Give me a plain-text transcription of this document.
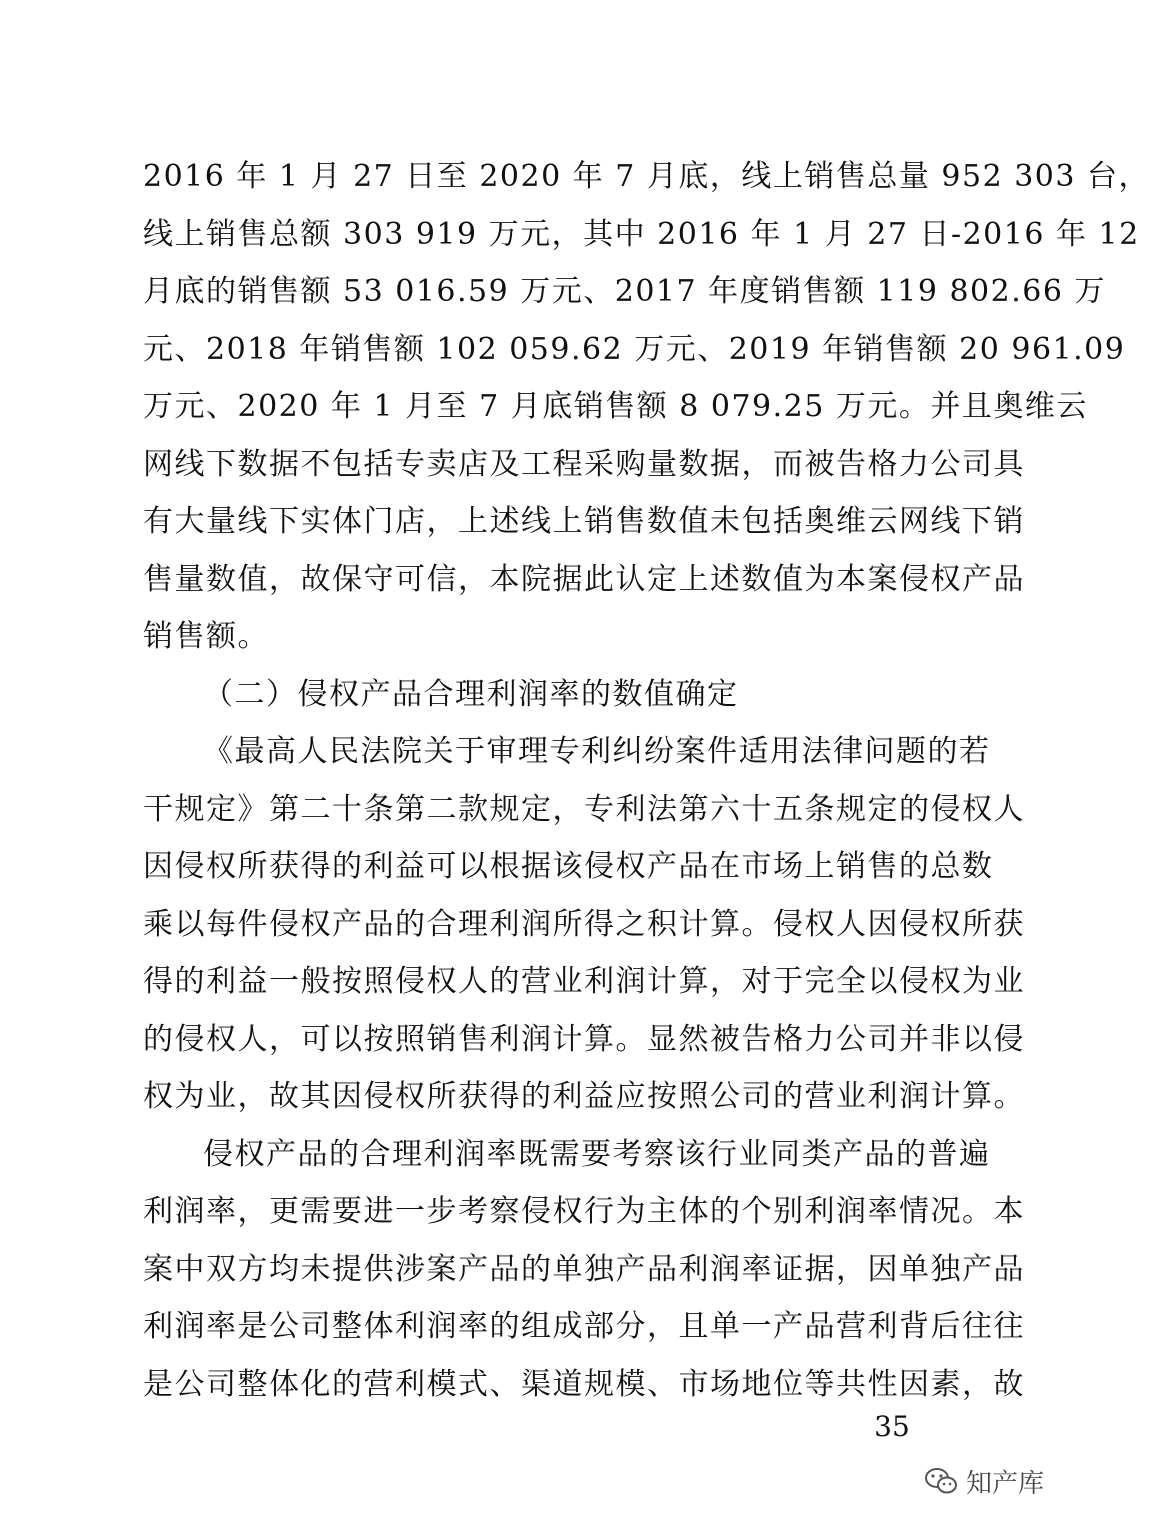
2016 年 1 月 27 日至 2020 年 7 月底，线上销售总量 952 303 台，
线上销售总额 303 919 万元，其中 2016 年 1 月 27 日-2016 年 12
月底的销售额 53 016.59 万元、2017 年度销售额 119 802.66 万
元、2018 年销售额 102 059.62 万元、2019 年销售额 20 961.09
万元、2020 年 1 月至 7 月底销售额 8 079.25 万元。并且奥维云
网线下数据不包括专卖店及工程采购量数据，而被告格力公司具
有大量线下实体门店，上述线上销售数值未包括奥维云网线下销
售量数值，故保守可信，本院据此认定上述数值为本案侵权产品
销售额。
（二）侵权产品合理利润率的数值确定
《最高人民法院关于审理专利纠纷案件适用法律问题的若
干规定》第二十条第二款规定，专利法第六十五条规定的侵权人
因侵权所获得的利益可以根据该侵权产品在市场上销售的总数
乘以每件侵权产品的合理利润所得之积计算。侵权人因侵权所获
得的利益一般按照侵权人的营业利润计算，对于完全以侵权为业
的侵权人，可以按照销售利润计算。显然被告格力公司并非以侵
权为业，故其因侵权所获得的利益应按照公司的营业利润计算。
侵权产品的合理利润率既需要考察该行业同类产品的普遍
利润率，更需要进一步考察侵权行为主体的个别利润率情况。本
案中双方均未提供涉案产品的单独产品利润率证据，因单独产品
利润率是公司整体利润率的组成部分，且单一产品营利背后往往
是公司整体化的营利模式、渠道规模、市场地位等共性因素，故
35
知产库
